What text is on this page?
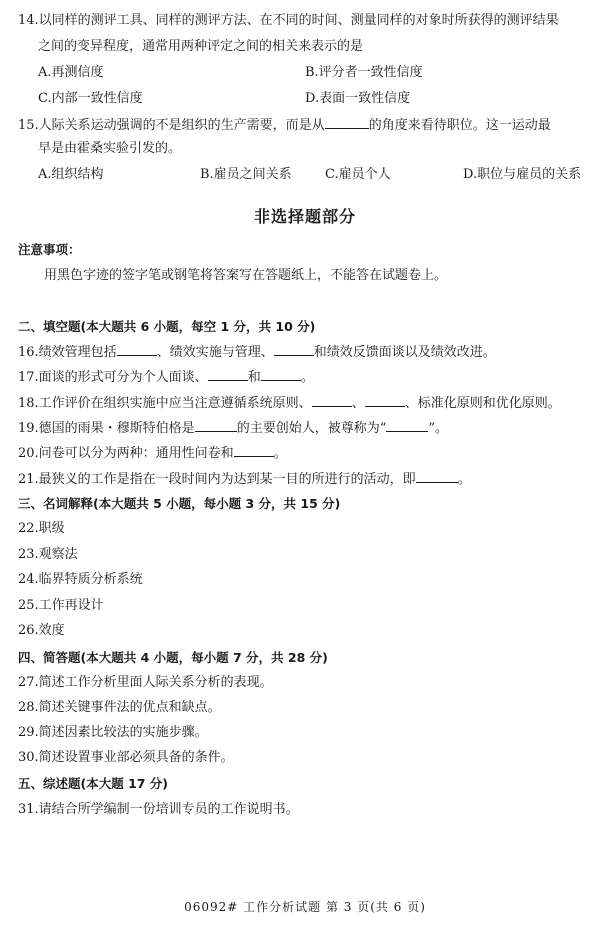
14.以同样的测评工具、同样的测评方法、在不同的时间、测量同样的对象时所获得的测评结果
之间的变异程度，通常用两种评定之间的相关来表示的是
A.再测信度	B.评分者一致性信度
C.内部一致性信度	D.表面一致性信度
15.人际关系运动强调的不是组织的生产需要，而是从	的角度来看待职位。这一运动最
早是由霍桑实验引发的。
A.组织结构	B.雇员之间关系	C.雇员个人	D.职位与雇员的关系
非选择题部分
注意事项：
用黑色字迹的签字笔或钢笔将答案写在答题纸上，不能答在试题卷上。
二、填空题(本大题共 6 小题，每空 1 分，共 10 分)
16.绩效管理包括	、绩效实施与管理、	和绩效反馈面谈以及绩效改进。
17.面谈的形式可分为个人面谈、	和	。
18.工作评价在组织实施中应当注意遵循系统原则、	、	、标准化原则和优化原则。
19.德国的雨果・穆斯特伯格是	的主要创始人，被尊称为“	”。
20.问卷可以分为两种：通用性问卷和	。
21.最狭义的工作是指在一段时间内为达到某一目的所进行的活动，即	。
三、名词解释(本大题共 5 小题，每小题 3 分，共 15 分)
22.职级
23.观察法
24.临界特质分析系统
25.工作再设计
26.效度
四、简答题(本大题共 4 小题，每小题 7 分，共 28 分)
27.简述工作分析里面人际关系分析的表现。
28.简述关键事件法的优点和缺点。
29.简述因素比较法的实施步骤。
30.简述设置事业部必须具备的条件。
五、综述题(本大题 17 分)
31.请结合所学编制一份培训专员的工作说明书。
06092# 工作分析试题 第 3 页(共 6 页)
